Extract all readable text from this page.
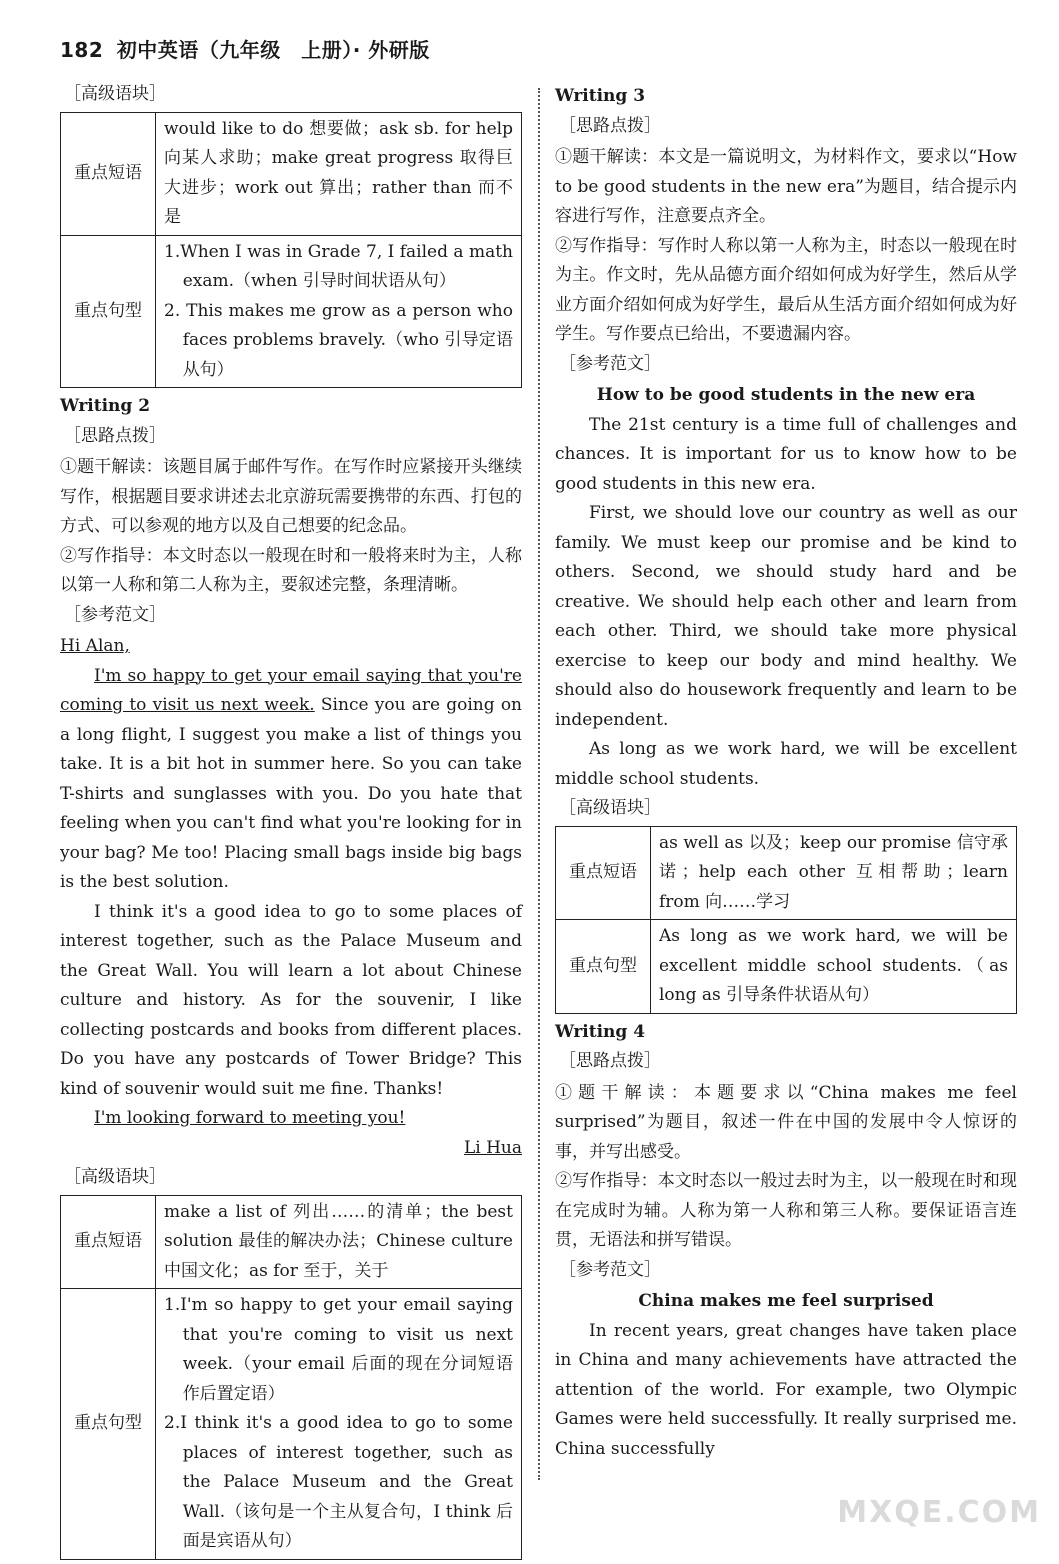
182 初中英语（九年级　上册）· 外研版
［高级语块］
重点短语	would like to do 想要做；ask sb. for help 向某人求助；make great progress 取得巨大进步；work out 算出；rather than 而不是
重点句型	1.When I was in Grade 7, I failed a math exam.（when 引导时间状语从句）
2. This makes me grow as a person who faces problems bravely.（who 引导定语从句）
Writing 2
［思路点拨］

①题干解读：该题目属于邮件写作。在写作时应紧接开头继续写作，根据题目要求讲述去北京游玩需要携带的东西、打包的方式、可以参观的地方以及自己想要的纪念品。

②写作指导：本文时态以一般现在时和一般将来时为主，人称以第一人称和第二人称为主，要叙述完整，条理清晰。

［参考范文］

Hi Alan,

I'm so happy to get your email saying that you're coming to visit us next week. Since you are going on a long flight, I suggest you make a list of things you take. It is a bit hot in summer here. So you can take T-shirts and sunglasses with you. Do you hate that feeling when you can't find what you're looking for in your bag? Me too! Placing small bags inside big bags is the best solution.

I think it's a good idea to go to some places of interest together, such as the Palace Museum and the Great Wall. You will learn a lot about Chinese culture and history. As for the souvenir, I like collecting postcards and books from different places. Do you have any postcards of Tower Bridge? This kind of souvenir would suit me fine. Thanks!

I'm looking forward to meeting you!

Li Hua

［高级语块］
重点短语	make a list of 列出……的清单；the best solution 最佳的解决办法；Chinese culture 中国文化；as for 至于，关于
重点句型	1.I'm so happy to get your email saying that you're coming to visit us next week.（your email 后面的现在分词短语作后置定语）
2.I think it's a good idea to go to some places of interest together, such as the Palace Museum and the Great Wall.（该句是一个主从复合句，I think 后面是宾语从句）
Writing 3
［思路点拨］

①题干解读：本文是一篇说明文，为材料作文，要求以“How to be good students in the new era”为题目，结合提示内容进行写作，注意要点齐全。

②写作指导：写作时人称以第一人称为主，时态以一般现在时为主。作文时，先从品德方面介绍如何成为好学生，然后从学业方面介绍如何成为好学生，最后从生活方面介绍如何成为好学生。写作要点已给出，不要遗漏内容。

［参考范文］

How to be good students in the new era

The 21st century is a time full of challenges and chances. It is important for us to know how to be good students in this new era.

First, we should love our country as well as our family. We must keep our promise and be kind to others. Second, we should study hard and be creative. We should help each other and learn from each other. Third, we should take more physical exercise to keep our body and mind healthy. We should also do housework frequently and learn to be independent.

As long as we work hard, we will be excellent middle school students.

［高级语块］
重点短语	as well as 以及；keep our promise 信守承诺；help each other 互相帮助；learn from 向……学习
重点句型	As long as we work hard, we will be excellent middle school students.（as long as 引导条件状语从句）
Writing 4
［思路点拨］

①题干解读：本题要求以“China makes me feel surprised”为题目，叙述一件在中国的发展中令人惊讶的事，并写出感受。

②写作指导：本文时态以一般过去时为主，以一般现在时和现在完成时为辅。人称为第一人称和第三人称。要保证语言连贯，无语法和拼写错误。

［参考范文］

China makes me feel surprised

In recent years, great changes have taken place in China and many achievements have attracted the attention of the world. For example, two Olympic Games were held successfully. It really surprised me. China successfully

MXQE.COM
